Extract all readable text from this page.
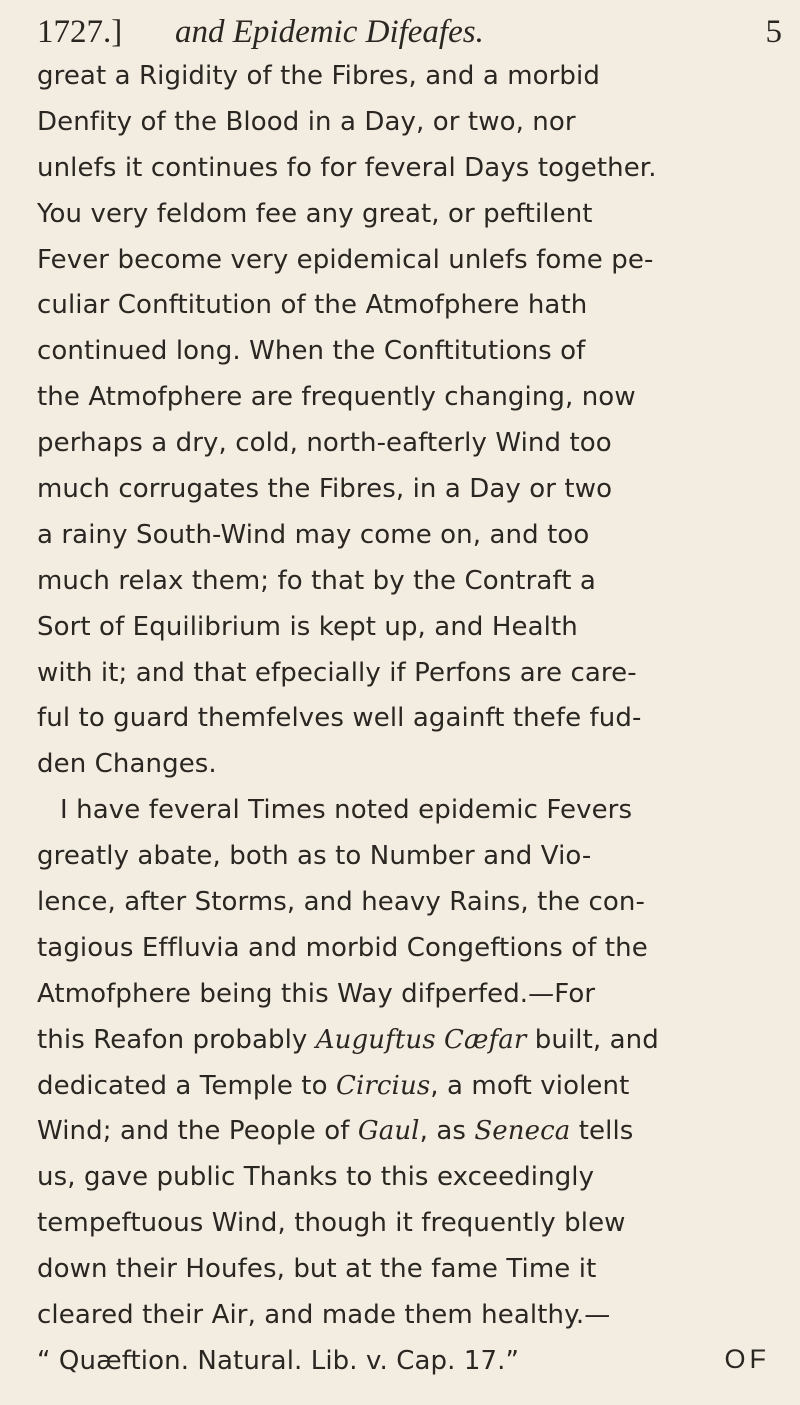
1727.] and Epidemic Difeafes.	5
great a Rigidity of the Fibres, and a morbid
Denfity of the Blood in a Day, or two, nor
unlefs it continues fo for feveral Days together.
You very feldom fee any great, or peftilent
Fever become very epidemical unlefs fome pe-
culiar Conftitution of the Atmofphere hath
continued long. When the Conftitutions of
the Atmofphere are frequently changing, now
perhaps a dry, cold, north-eafterly Wind too
much corrugates the Fibres, in a Day or two
a rainy South-Wind may come on, and too
much relax them; fo that by the Contraft a
Sort of Equilibrium is kept up, and Health
with it; and that efpecially if Perfons are care-
ful to guard themfelves well againft thefe fud-
den Changes.
I have feveral Times noted epidemic Fevers
greatly abate, both as to Number and Vio-
lence, after Storms, and heavy Rains, the con-
tagious Effluvia and morbid Congeftions of the
Atmofphere being this Way difperfed.—For
this Reafon probably Auguftus Cæfar built, and
dedicated a Temple to Circius, a moft violent
Wind; and the People of Gaul, as Seneca tells
us, gave public Thanks to this exceedingly
tempeftuous Wind, though it frequently blew
down their Houfes, but at the fame Time it
cleared their Air, and made them healthy.—
“ Quæftion. Natural. Lib. v. Cap. 17.”	OF
